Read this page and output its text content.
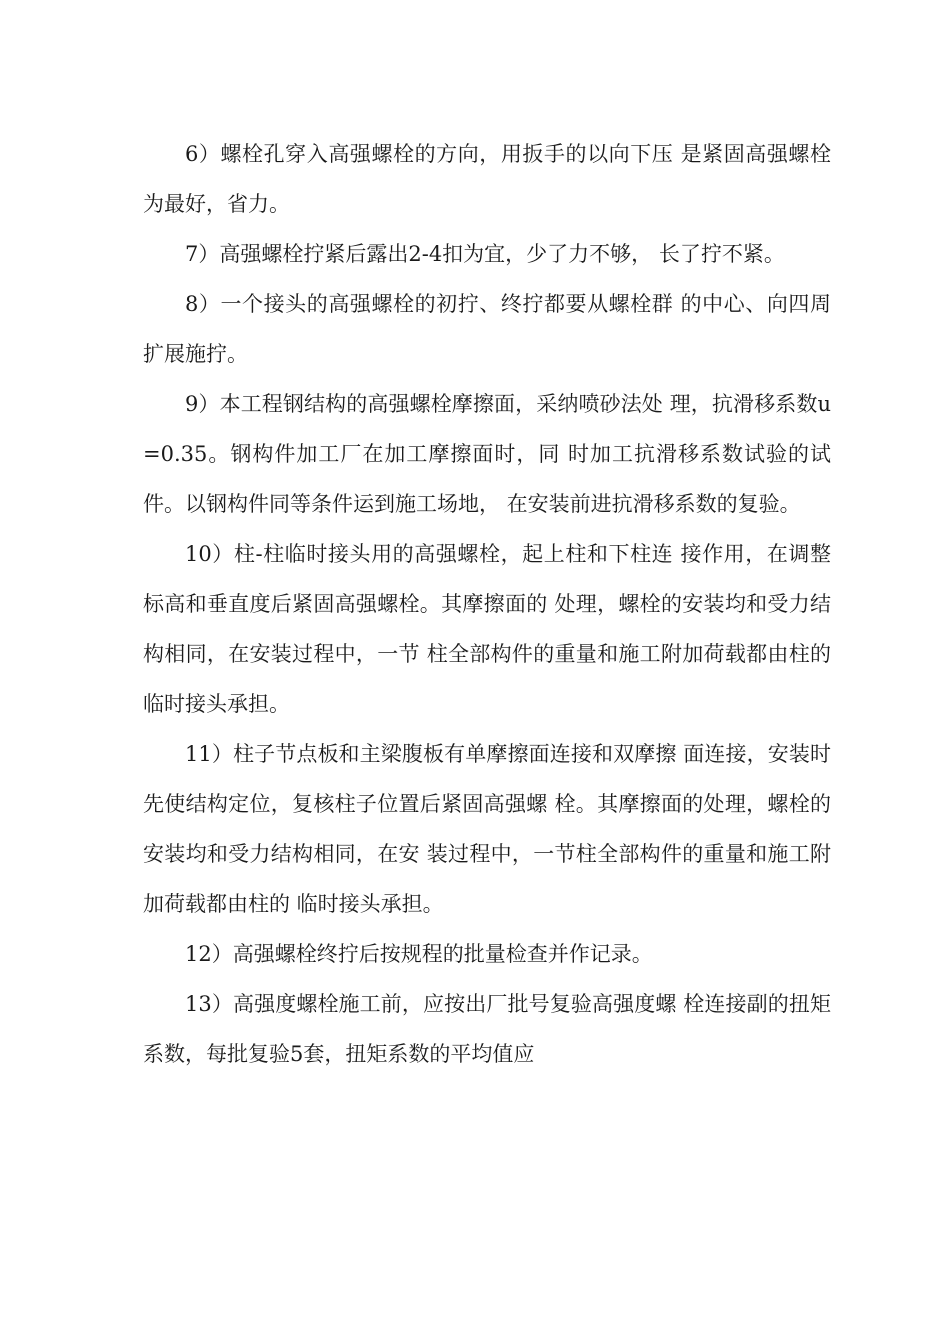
6）螺栓孔穿入高强螺栓的方向，用扳手的以向下压 是紧固高强螺栓为最好，省力。

7）高强螺栓拧紧后露出2-4扣为宜，少了力不够， 长了拧不紧。

8）一个接头的高强螺栓的初拧、终拧都要从螺栓群 的中心、向四周扩展施拧。

9）本工程钢结构的高强螺栓摩擦面，采纳喷砂法处 理，抗滑移系数u=0.35。钢构件加工厂在加工摩擦面时，同 时加工抗滑移系数试验的试件。以钢构件同等条件运到施工场地， 在安装前进抗滑移系数的复验。

10）柱-柱临时接头用的高强螺栓，起上柱和下柱连 接作用，在调整标高和垂直度后紧固高强螺栓。其摩擦面的 处理，螺栓的安装均和受力结构相同，在安装过程中，一节 柱全部构件的重量和施工附加荷载都由柱的临时接头承担。

11）柱子节点板和主梁腹板有单摩擦面连接和双摩擦 面连接，安装时先使结构定位，复核柱子位置后紧固高强螺 栓。其摩擦面的处理，螺栓的安装均和受力结构相同，在安 装过程中，一节柱全部构件的重量和施工附加荷载都由柱的 临时接头承担。

12）高强螺栓终拧后按规程的批量检查并作记录。

13）高强度螺栓施工前，应按出厂批号复验高强度螺 栓连接副的扭矩系数，每批复验5套，扭矩系数的平均值应
